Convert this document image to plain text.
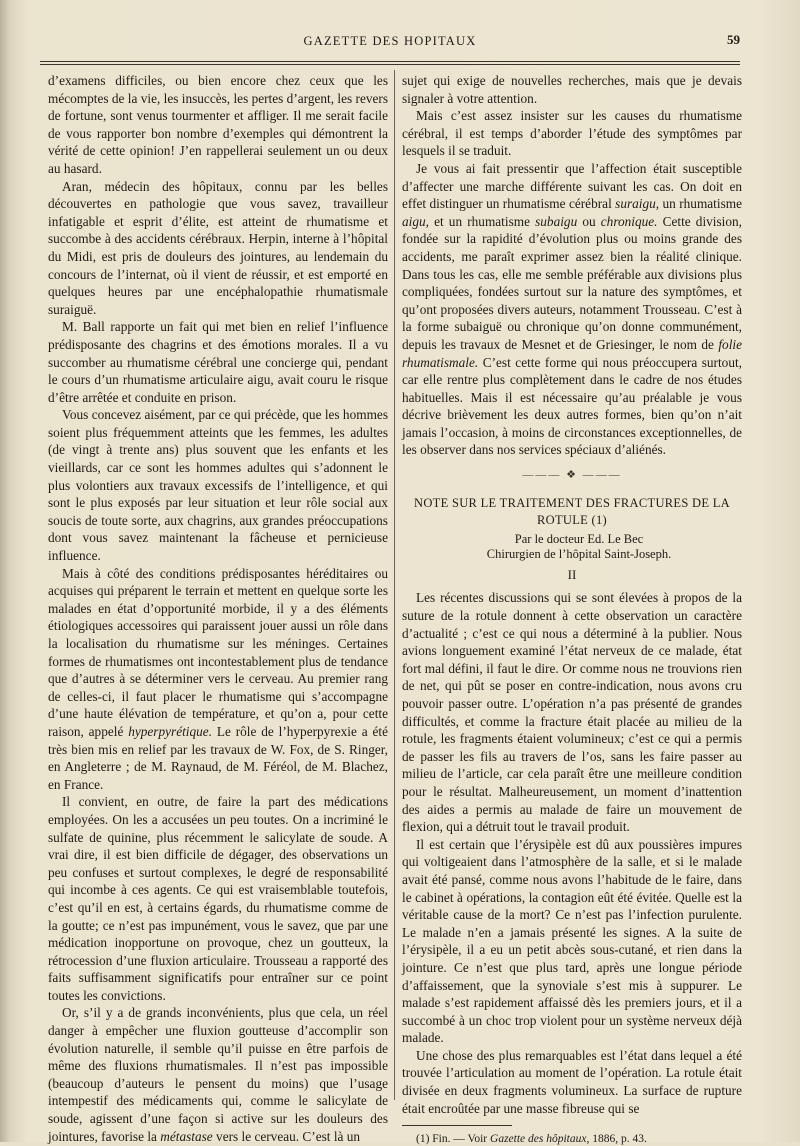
GAZETTE DES HOPITAUX	59

d’examens difficiles, ou bien encore chez ceux que les mécomptes de la vie, les insuccès, les pertes d’argent, les revers de fortune, sont venus tourmenter et affliger. Il me serait facile de vous rapporter bon nombre d’exemples qui démontrent la vérité de cette opinion! J’en rappellerai seulement un ou deux au hasard.

Aran, médecin des hôpitaux, connu par les belles découvertes en pathologie que vous savez, travailleur infatigable et esprit d’élite, est atteint de rhumatisme et succombe à des accidents cérébraux. Herpin, interne à l’hôpital du Midi, est pris de douleurs des jointures, au lendemain du concours de l’internat, où il vient de réussir, et est emporté en quelques heures par une encéphalopathie rhumatismale suraiguë.

M. Ball rapporte un fait qui met bien en relief l’influence prédisposante des chagrins et des émotions morales. Il a vu succomber au rhumatisme cérébral une concierge qui, pendant le cours d’un rhumatisme articulaire aigu, avait couru le risque d’être arrêtée et conduite en prison.

Vous concevez aisément, par ce qui précède, que les hommes soient plus fréquemment atteints que les femmes, les adultes (de vingt à trente ans) plus souvent que les enfants et les vieillards, car ce sont les hommes adultes qui s’adonnent le plus volontiers aux travaux excessifs de l’intelligence, et qui sont le plus exposés par leur situation et leur rôle social aux soucis de toute sorte, aux chagrins, aux grandes préoccupations dont vous savez maintenant la fâcheuse et pernicieuse influence.

Mais à côté des conditions prédisposantes héréditaires ou acquises qui préparent le terrain et mettent en quelque sorte les malades en état d’opportunité morbide, il y a des éléments étiologiques accessoires qui paraissent jouer aussi un rôle dans la localisation du rhumatisme sur les méninges. Certaines formes de rhumatismes ont incontestablement plus de tendance que d’autres à se déterminer vers le cerveau. Au premier rang de celles-ci, il faut placer le rhumatisme qui s’accompagne d’une haute élévation de température, et qu’on a, pour cette raison, appelé hyperpyrétique. Le rôle de l’hyperpyrexie a été très bien mis en relief par les travaux de W. Fox, de S. Ringer, en Angleterre ; de M. Raynaud, de M. Féréol, de M. Blachez, en France.

Il convient, en outre, de faire la part des médications employées. On les a accusées un peu toutes. On a incriminé le sulfate de quinine, plus récemment le salicylate de soude. A vrai dire, il est bien difficile de dégager, des observations un peu confuses et surtout complexes, le degré de responsabilité qui incombe à ces agents. Ce qui est vraisemblable toutefois, c’est qu’il en est, à certains égards, du rhumatisme comme de la goutte; ce n’est pas impunément, vous le savez, que par une médication inopportune on provoque, chez un goutteux, la rétrocession d’une fluxion articulaire. Trousseau a rapporté des faits suffisamment significatifs pour entraîner sur ce point toutes les convictions.

Or, s’il y a de grands inconvénients, plus que cela, un réel danger à empêcher une fluxion goutteuse d’accomplir son évolution naturelle, il semble qu’il puisse en être parfois de même des fluxions rhumatismales. Il n’est pas impossible (beaucoup d’auteurs le pensent du moins) que l’usage intempestif des médicaments qui, comme le salicylate de soude, agissent d’une façon si active sur les douleurs des jointures, favorise la métastase vers le cerveau. C’est là un

sujet qui exige de nouvelles recherches, mais que je devais signaler à votre attention.

Mais c’est assez insister sur les causes du rhumatisme cérébral, il est temps d’aborder l’étude des symptômes par lesquels il se traduit.

Je vous ai fait pressentir que l’affection était susceptible d’affecter une marche différente suivant les cas. On doit en effet distinguer un rhumatisme cérébral suraigu, un rhumatisme aigu, et un rhumatisme subaigu ou chronique. Cette division, fondée sur la rapidité d’évolution plus ou moins grande des accidents, me paraît exprimer assez bien la réalité clinique. Dans tous les cas, elle me semble préférable aux divisions plus compliquées, fondées surtout sur la nature des symptômes, et qu’ont proposées divers auteurs, notamment Trousseau. C’est à la forme subaiguë ou chronique qu’on donne communément, depuis les travaux de Mesnet et de Griesinger, le nom de folie rhumatismale. C’est cette forme qui nous préoccupera surtout, car elle rentre plus complètement dans le cadre de nos études habituelles. Mais il est nécessaire qu’au préalable je vous décrive brièvement les deux autres formes, bien qu’on n’ait jamais l’occasion, à moins de circonstances exceptionnelles, de les observer dans nos services spéciaux d’aliénés.

——— ❖ ———
NOTE SUR LE TRAITEMENT DES FRACTURES DE LA ROTULE (1)

Par le docteur Ed. Le Bec

Chirurgien de l’hôpital Saint-Joseph.

II

Les récentes discussions qui se sont élevées à propos de la suture de la rotule donnent à cette observation un caractère d’actualité ; c’est ce qui nous a déterminé à la publier. Nous avions longuement examiné l’état nerveux de ce malade, état fort mal défini, il faut le dire. Or comme nous ne trouvions rien de net, qui pût se poser en contre-indication, nous avons cru pouvoir passer outre. L’opération n’a pas présenté de grandes difficultés, et comme la fracture était placée au milieu de la rotule, les fragments étaient volumineux; c’est ce qui a permis de passer les fils au travers de l’os, sans les faire passer au milieu de l’article, car cela paraît être une meilleure condition pour le résultat. Malheureusement, un moment d’inattention des aides a permis au malade de faire un mouvement de flexion, qui a détruit tout le travail produit.

Il est certain que l’érysipèle est dû aux poussières impures qui voltigeaient dans l’atmosphère de la salle, et si le malade avait été pansé, comme nous avons l’habitude de le faire, dans le cabinet à opérations, la contagion eût été évitée. Quelle est la véritable cause de la mort? Ce n’est pas l’infection purulente. Le malade n’en a jamais présenté les signes. A la suite de l’érysipèle, il a eu un petit abcès sous-cutané, et rien dans la jointure. Ce n’est que plus tard, après une longue période d’affaissement, que la synoviale s’est mis à suppurer. Le malade s’est rapidement affaissé dès les premiers jours, et il a succombé à un choc trop violent pour un système nerveux déjà malade.

Une chose des plus remarquables est l’état dans lequel a été trouvée l’articulation au moment de l’opération. La rotule était divisée en deux fragments volumineux. La surface de rupture était encroûtée par une masse fibreuse qui se

(1) Fin. — Voir Gazette des hôpitaux, 1886, p. 43.
